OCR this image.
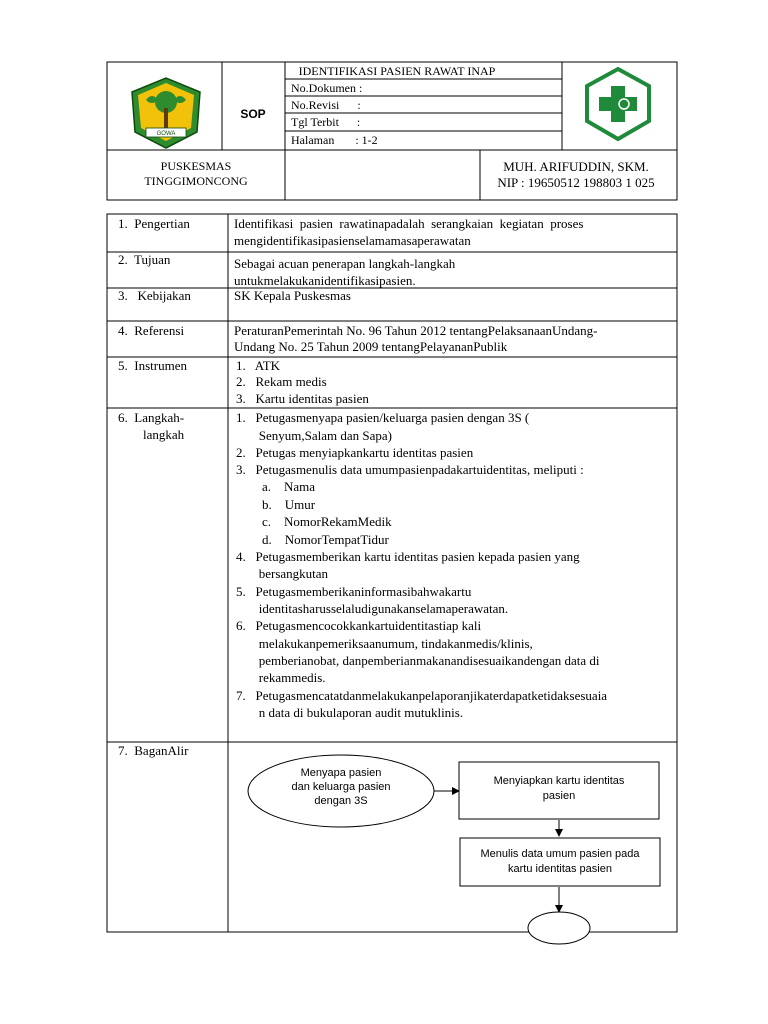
GOWA
IDENTIFIKASI PASIEN RAWAT INAP
SOP
No.Dokumen :
No.Revisi      :
Tgl Terbit      :
Halaman       : 1-2
PUSKESMAS
TINGGIMONCONG
MUH. ARIFUDDIN, SKM.
NIP : 19650512 198803 1 025
1.  Pengertian
2.  Tujuan
3.   Kebijakan
4.  Referensi
5.  Instrumen
6.  Langkah-
langkah
7.  BaganAlir
Identifikasi  pasien  rawatinapadalah  serangkaian  kegiatan  proses
mengidentifikasipasienselamamasaperawatan
Sebagai acuan penerapan langkah-langkah
untukmelakukanidentifikasipasien.
SK Kepala Puskesmas
PeraturanPemerintah No. 96 Tahun 2012 tentangPelaksanaanUndang-
Undang No. 25 Tahun 2009 tentangPelayananPublik
1.   ATK
2.   Rekam medis
3.   Kartu identitas pasien
1.   Petugasmenyapa pasien/keluarga pasien dengan 3S (
Senyum,Salam dan Sapa)
2.   Petugas menyiapkankartu identitas pasien
3.   Petugasmenulis data umumpasienpadakartuidentitas, meliputi :
a.    Nama
b.    Umur
c.    NomorRekamMedik
d.    NomorTempatTidur
4.   Petugasmemberikan kartu identitas pasien kepada pasien yang
bersangkutan
5.   Petugasmemberikaninformasibahwakartu
identitasharusselaludigunakanselamaperawatan.
6.   Petugasmencocokkankartuidentitastiap kali
melakukanpemeriksaanumum, tindakanmedis/klinis,
pemberianobat, danpemberianmakanandisesuaikandengan data di
rekammedis.
7.   Petugasmencatatdanmelakukanpelaporanjikaterdapatketidaksesuaia
n data di bukulaporan audit mutuklinis.
Menyapa pasien
dan keluarga pasien
dengan 3S
Menyiapkan kartu identitas
pasien
Menulis data umum pasien pada
kartu identitas pasien
